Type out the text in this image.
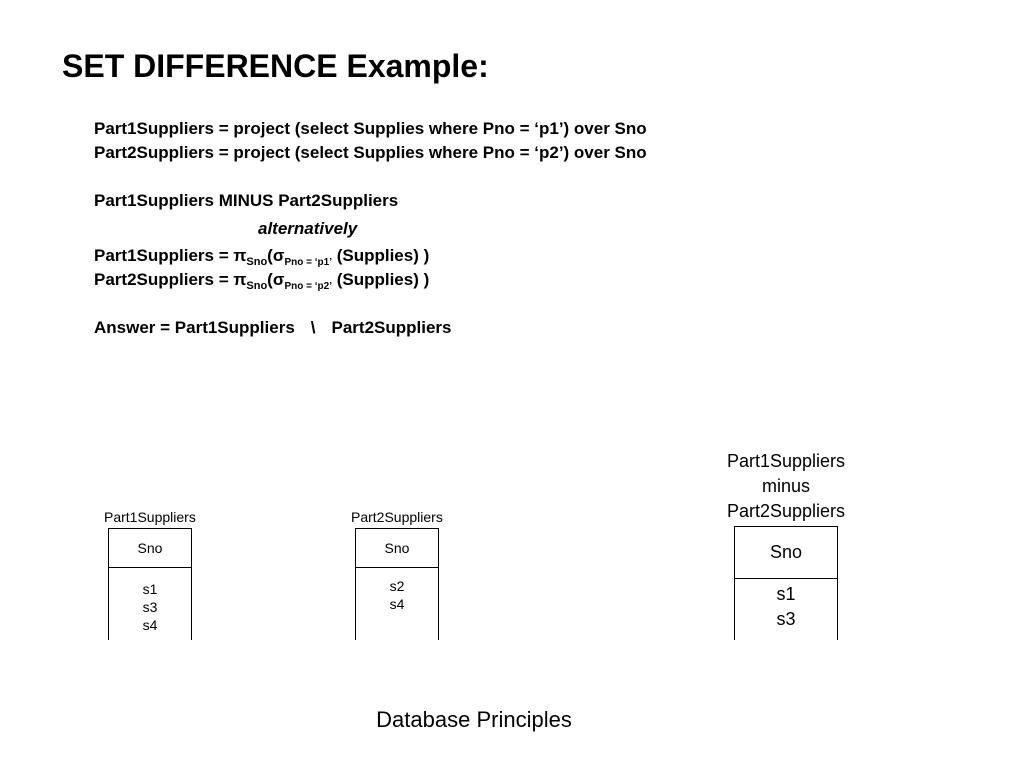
SET DIFFERENCE Example:
Part1Suppliers = project (select Supplies where Pno = ‘p1’) over Sno
Part2Suppliers = project (select Supplies where Pno = ‘p2’) over Sno
Part1Suppliers MINUS Part2Suppliers
alternatively
Part1Suppliers = $\pi_{Sno}(\sigma_{Pno = ‘p1’}$ (Supplies) )
Part2Suppliers = $\pi_{Sno}(\sigma_{Pno = ‘p2’}$ (Supplies) )
Answer = Part1Suppliers \ Part2Suppliers
Part1Suppliers
Sno
s1
s3
s4
Part2Suppliers
Sno
s2
s4
Part1Suppliers
minus
Part2Suppliers
Sno
s1
s3
Database Principles
